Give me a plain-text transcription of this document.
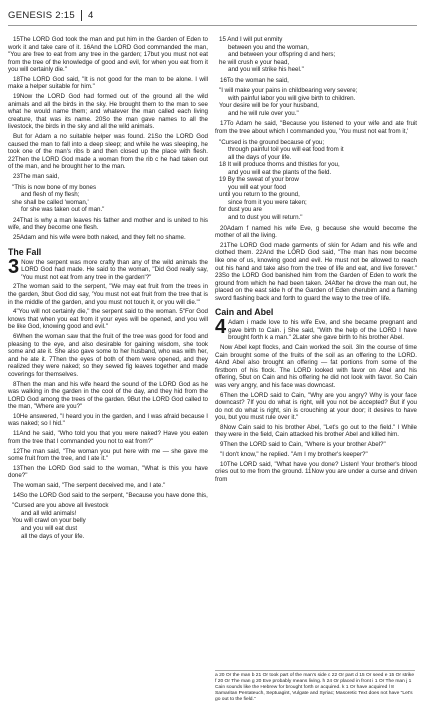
GENESIS 2:15 4

15The LORD God took the man and put him in the Garden of Eden to work it and take care of it. 16And the LORD God commanded the man, "You are free to eat from any tree in the garden; 17but you must not eat from the tree of the knowledge of good and evil, for when you eat from it you will certainly die."

18The LORD God said, "It is not good for the man to be alone. I will make a helper suitable for him."

19Now the LORD God had formed out of the ground all the wild animals and all the birds in the sky. He brought them to the man to see what he would name them; and whatever the man called each living creature, that was its name. 20So the man gave names to all the livestock, the birds in the sky and all the wild animals.

But for Adam a no suitable helper was found. 21So the LORD God caused the man to fall into a deep sleep; and while he was sleeping, he took one of the man's ribs b and then closed up the place with flesh. 22Then the LORD God made a woman from the rib c he had taken out of the man, and he brought her to the man.

23The man said,

"This is now bone of my bones
and flesh of my flesh;
she shall be called 'woman,'
for she was taken out of man."

24That is why a man leaves his father and mother and is united to his wife, and they become one flesh.

25Adam and his wife were both naked, and they felt no shame.

The Fall

3 Now the serpent was more crafty than any of the wild animals the LORD God had made. He said to the woman, "Did God really say, 'You must not eat from any tree in the garden'?"

2The woman said to the serpent, "We may eat fruit from the trees in the garden, 3but God did say, 'You must not eat fruit from the tree that is in the middle of the garden, and you must not touch it, or you will die.'"

4"You will not certainly die," the serpent said to the woman. 5"For God knows that when you eat from it your eyes will be opened, and you will be like God, knowing good and evil."

6When the woman saw that the fruit of the tree was good for food and pleasing to the eye, and also desirable for gaining wisdom, she took some and ate it. She also gave some to her husband, who was with her, and he ate it. 7Then the eyes of both of them were opened, and they realized they were naked; so they sewed fig leaves together and made coverings for themselves.

8Then the man and his wife heard the sound of the LORD God as he was walking in the garden in the cool of the day, and they hid from the LORD God among the trees of the garden. 9But the LORD God called to the man, "Where are you?"

10He answered, "I heard you in the garden, and I was afraid because I was naked; so I hid."

11And he said, "Who told you that you were naked? Have you eaten from the tree that I commanded you not to eat from?"

12The man said, "The woman you put here with me — she gave me some fruit from the tree, and I ate it."

13Then the LORD God said to the woman, "What is this you have done?"

The woman said, "The serpent deceived me, and I ate."

14So the LORD God said to the serpent, "Because you have done this,

"Cursed are you above all livestock
and all wild animals!
You will crawl on your belly
and you will eat dust
all the days of your life.
15 And I will put enmity
between you and the woman,
and between your offspring d and hers;
he will crush e your head,
and you will strike his heel."

16To the woman he said,

"I will make your pains in childbearing very severe;
with painful labor you will give birth to children.
Your desire will be for your husband,
and he will rule over you."

17To Adam he said, "Because you listened to your wife and ate fruit from the tree about which I commanded you, 'You must not eat from it,'

"Cursed is the ground because of you;
through painful toil you will eat food from it
all the days of your life.
18 It will produce thorns and thistles for you,
and you will eat the plants of the field.
19 By the sweat of your brow
you will eat your food
until you return to the ground,
since from it you were taken;
for dust you are
and to dust you will return."

20Adam f named his wife Eve, g because she would become the mother of all the living.

21The LORD God made garments of skin for Adam and his wife and clothed them. 22And the LORD God said, "The man has now become like one of us, knowing good and evil. He must not be allowed to reach out his hand and take also from the tree of life and eat, and live forever." 23So the LORD God banished him from the Garden of Eden to work the ground from which he had been taken. 24After he drove the man out, he placed on the east side h of the Garden of Eden cherubim and a flaming sword flashing back and forth to guard the way to the tree of life.

Cain and Abel

4 Adam i made love to his wife Eve, and she became pregnant and gave birth to Cain. j She said, "With the help of the LORD I have brought forth k a man." 2Later she gave birth to his brother Abel.

Now Abel kept flocks, and Cain worked the soil. 3In the course of time Cain brought some of the fruits of the soil as an offering to the LORD. 4And Abel also brought an offering — fat portions from some of the firstborn of his flock. The LORD looked with favor on Abel and his offering, 5but on Cain and his offering he did not look with favor. So Cain was very angry, and his face was downcast.

6Then the LORD said to Cain, "Why are you angry? Why is your face downcast? 7If you do what is right, will you not be accepted? But if you do not do what is right, sin is crouching at your door; it desires to have you, but you must rule over it."

8Now Cain said to his brother Abel, "Let's go out to the field." l While they were in the field, Cain attacked his brother Abel and killed him.

9Then the LORD said to Cain, "Where is your brother Abel?"

"I don't know," he replied. "Am I my brother's keeper?"

10The LORD said, "What have you done? Listen! Your brother's blood cries out to me from the ground. 11Now you are under a curse and driven from

a 20 Or the man b 21 Or took part of the man's side c 22 Or part d 15 Or seed e 15 Or strike f 20 Or The man g 20 Eve probably means living. h 24 Or placed in front i 1 Or The man j 1 Cain sounds like the Hebrew for brought forth or acquired. k 1 Or have acquired l 8 Samaritan Pentateuch, Septuagint, Vulgate and Syriac; Masoretic Text does not have "Let's go out to the field."
